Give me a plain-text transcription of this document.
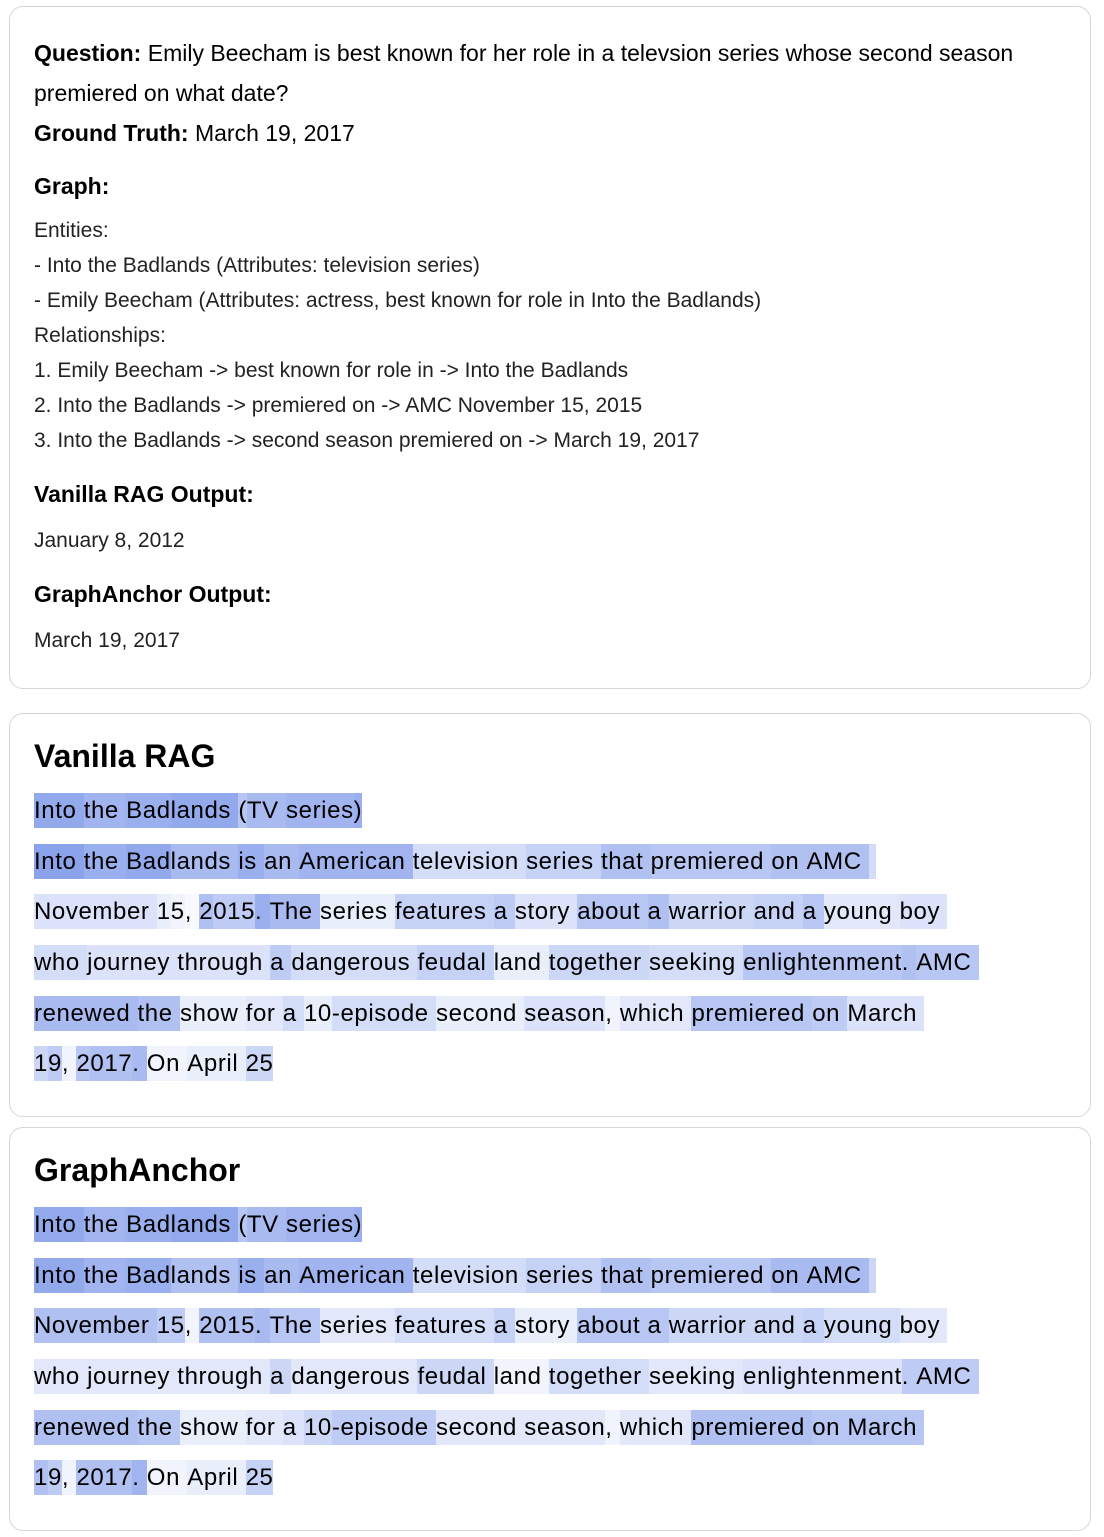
Question: Emily Beecham is best known for her role in a televsion series whose second season premiered on what date?
Ground Truth: March 19, 2017
Graph:
Entities:
- Into the Badlands (Attributes: television series)
- Emily Beecham (Attributes: actress, best known for role in Into the Badlands)
Relationships:
1. Emily Beecham -> best known for role in -> Into the Badlands
2. Into the Badlands -> premiered on -> AMC November 15, 2015
3. Into the Badlands -> second season premiered on -> March 19, 2017
Vanilla RAG Output:
January 8, 2012
GraphAnchor Output:
March 19, 2017
Vanilla RAG
Into the Bad lands ( TV series )
Into the Bad lands is an American television series that premiered on AMC

November 1 5 , 2 015 . The series features a story about a warrior and a young boy
who journey through a dangerous feudal land together seeking enlightenment . AMC
renewed the show for a 10 -episode second season , which premiered on March
1 9 , 2 017 . On April 25
GraphAnchor
Into the Bad lands ( TV series )
Into the Bad lands is an American television series that premiered on AMC

November 15 , 2015 . The series features a story about a warrior and a young boy
who journey through a dangerous feudal land together seeking enlightenment . AMC
renewed the show for a 10 -episode second season , which premiered on March
1 9 , 2017 . On April 25
